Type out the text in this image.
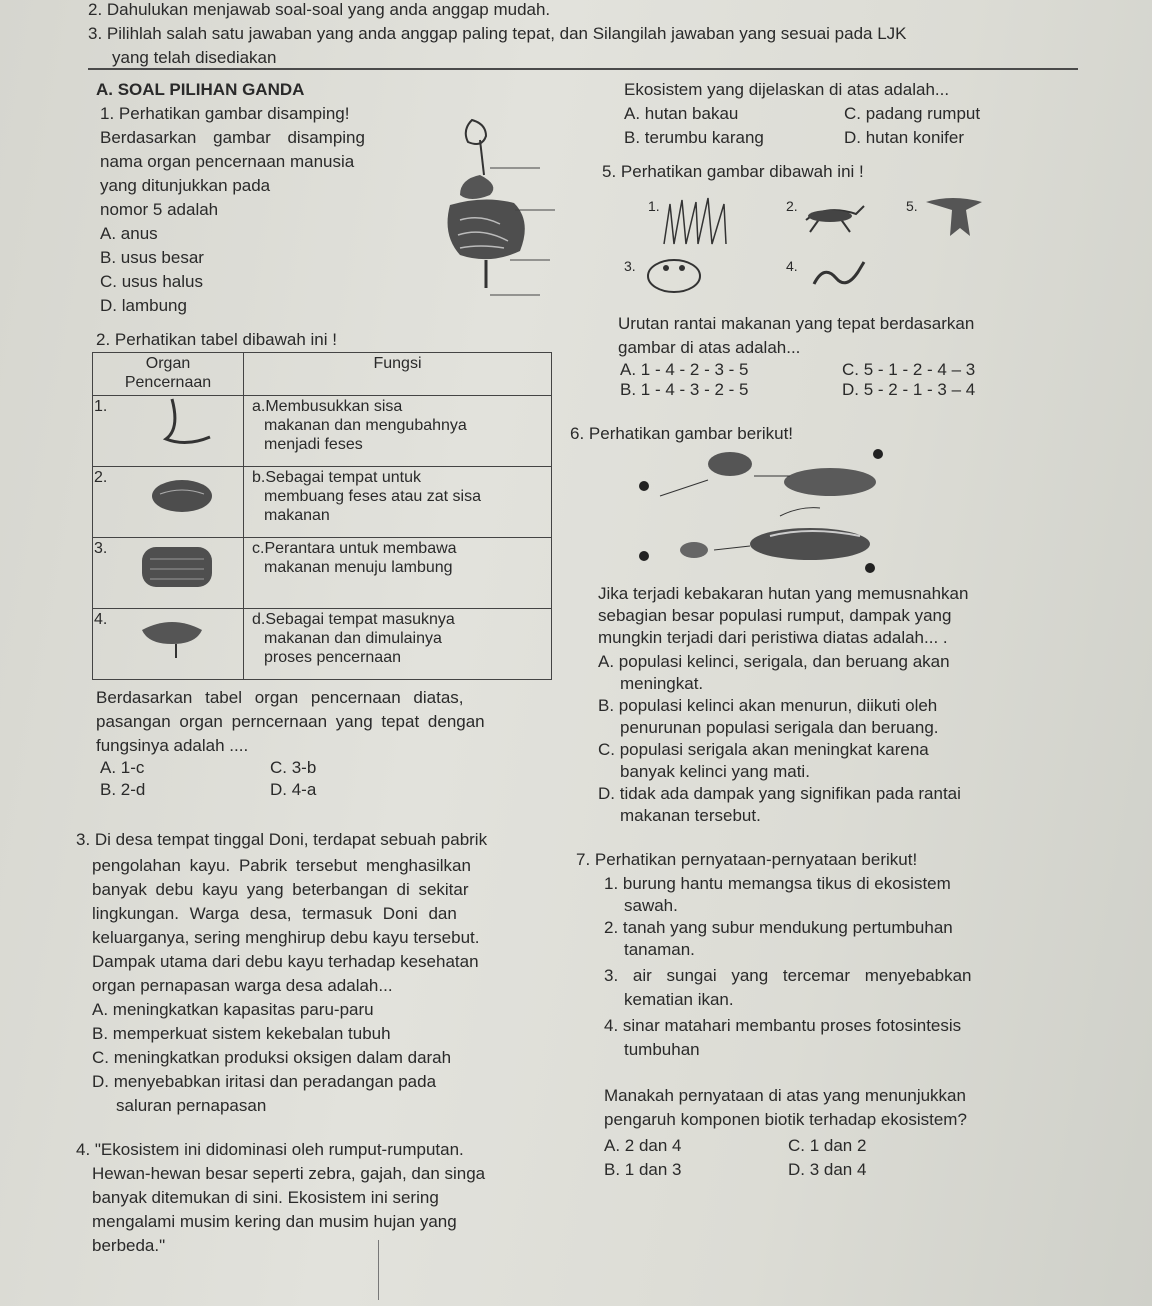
2. Dahulukan menjawab soal-soal yang anda anggap mudah.
3. Pilihlah salah satu jawaban yang anda anggap paling tepat, dan Silangilah jawaban yang sesuai pada LJK
yang telah disediakan
A. SOAL PILIHAN GANDA
1. Perhatikan gambar disamping!
Berdasarkan gambar disamping
nama organ pencernaan manusia
yang ditunjukkan pada
nomor 5 adalah
A. anus
B. usus besar
C. usus halus
D. lambung
2. Perhatikan tabel dibawah ini !
Organ
Pencernaan	Fungsi
1.	a.Membusukkan sisa
makanan dan mengubahnya
menjadi feses

2.	b.Sebagai tempat untuk
membuang feses atau zat sisa
makanan

3.	c.Perantara untuk membawa
makanan menuju lambung

4.	d.Sebagai tempat masuknya
makanan dan dimulainya
proses pencernaan
Berdasarkan tabel organ pencernaan diatas,
pasangan organ perncernaan yang tepat dengan
fungsinya adalah ....
A. 1-c	C. 3-b
B. 2-d	D. 4-a
3. Di desa tempat tinggal Doni, terdapat sebuah pabrik
pengolahan kayu. Pabrik tersebut menghasilkan
banyak debu kayu yang beterbangan di sekitar
lingkungan. Warga desa, termasuk Doni dan
keluarganya, sering menghirup debu kayu tersebut.
Dampak utama dari debu kayu terhadap kesehatan
organ pernapasan warga desa adalah...
A. meningkatkan kapasitas paru-paru
B. memperkuat sistem kekebalan tubuh
C. meningkatkan produksi oksigen dalam darah
D. menyebabkan iritasi dan peradangan pada
saluran pernapasan
4. "Ekosistem ini didominasi oleh rumput-rumputan.
Hewan-hewan besar seperti zebra, gajah, dan singa
banyak ditemukan di sini. Ekosistem ini sering
mengalami musim kering dan musim hujan yang
berbeda."
Ekosistem yang dijelaskan di atas adalah...
A. hutan bakau	C. padang rumput
B. terumbu karang	D. hutan konifer
5. Perhatikan gambar dibawah ini !
1.	2.	5.
3.	4.
Urutan rantai makanan yang tepat berdasarkan
gambar di atas adalah...
A. 1 - 4 - 2 - 3 - 5	C. 5 - 1 - 2 - 4 – 3
B. 1 - 4 - 3 - 2 - 5	D. 5 - 2 - 1 - 3 – 4
6. Perhatikan gambar berikut!
Jika terjadi kebakaran hutan yang memusnahkan
sebagian besar populasi rumput, dampak yang
mungkin terjadi dari peristiwa diatas adalah... .
A. populasi kelinci, serigala, dan beruang akan
meningkat.
B. populasi kelinci akan menurun, diikuti oleh
penurunan populasi serigala dan beruang.
C. populasi serigala akan meningkat karena
banyak kelinci yang mati.
D. tidak ada dampak yang signifikan pada rantai
makanan tersebut.
7. Perhatikan pernyataan-pernyataan berikut!
1. burung hantu memangsa tikus di ekosistem
sawah.
2. tanah yang subur mendukung pertumbuhan
tanaman.
3. air sungai yang tercemar menyebabkan
kematian ikan.
4. sinar matahari membantu proses fotosintesis
tumbuhan
Manakah pernyataan di atas yang menunjukkan
pengaruh komponen biotik terhadap ekosistem?
A. 2 dan 4	C. 1 dan 2
B. 1 dan 3	D. 3 dan 4
